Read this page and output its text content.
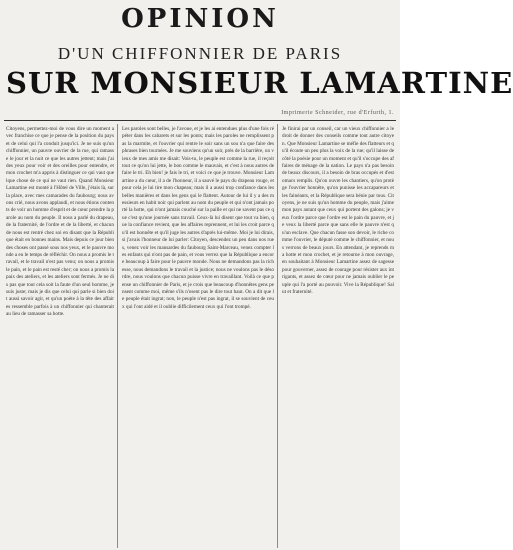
OPINION
D'UN CHIFFONNIER DE PARIS
SUR MONSIEUR LAMARTINE
Imprimerie Schneider, rue d'Erfurth, 1.
Citoyens, permettez-moi de vous dire un moment avec franchise ce que je pense de la position du pays et de celui qui l'a conduit jusqu'ici. Je ne suis qu'un chiffonnier, un pauvre ouvrier de la rue, qui ramasse le jour et la nuit ce que les autres jettent; mais j'ai des yeux pour voir et des oreilles pour entendre, et mon crochet m'a appris à distinguer ce qui vaut quelque chose de ce qui ne vaut rien. Quand Monsieur Lamartine est monté à l'Hôtel de Ville, j'étais là, sur la place, avec mes camarades du faubourg; nous avons crié, nous avons applaudi, et nous étions contents de voir un homme d'esprit et de cœur prendre la parole au nom du peuple. Il nous a parlé du drapeau, de la fraternité, de l'ordre et de la liberté, et chacun de nous est rentré chez soi en disant que la République était en bonnes mains. Mais depuis ce jour bien des choses ont passé sous nos yeux, et le pauvre monde a eu le temps de réfléchir. On nous a promis le travail, et le travail n'est pas venu; on nous a promis le pain, et le pain est resté cher; on nous a promis la paix des ateliers, et les ateliers sont fermés. Je ne dis pas que tout cela soit la faute d'un seul homme, je suis juste; mais je dis que celui qui parle si bien doit aussi savoir agir, et qu'un poète à la tête des affaires ressemble parfois à un chiffonnier qui chanterait au lieu de ramasser sa hotte.
Les paroles sont belles, je l'avoue, et je les ai entendues plus d'une fois répéter dans les cabarets et sur les ponts; mais les paroles ne remplissent pas la marmite, et l'ouvrier qui rentre le soir sans un sou n'a que faire des phrases bien tournées. Je me souviens qu'un soir, près de la barrière, un vieux de mes amis me disait: Vois-tu, le peuple est comme la rue, il reçoit tout ce qu'on lui jette, le bon comme le mauvais, et c'est à nous autres de faire le tri. Eh bien! je fais le tri, et voici ce que je trouve. Monsieur Lamartine a du cœur, il a de l'honneur, il a sauvé le pays du drapeau rouge, et pour cela je lui tire mon chapeau; mais il a aussi trop confiance dans les belles manières et dans les gens qui le flattent. Autour de lui il y a des messieurs en habit noir qui parlent au nom du peuple et qui n'ont jamais porté la hotte, qui n'ont jamais couché sur la paille et qui ne savent pas ce que c'est qu'une journée sans travail. Ceux-là lui disent que tout va bien, que la confiance revient, que les affaires reprennent, et lui les croit parce qu'il est honnête et qu'il juge les autres d'après lui-même. Moi je lui dirais, si j'avais l'honneur de lui parler: Citoyen, descendez un peu dans nos rues, venez voir les mansardes du faubourg Saint-Marceau, venez compter les enfants qui n'ont pas de pain, et vous verrez que la République a encore beaucoup à faire pour le pauvre monde. Nous ne demandons pas la richesse, nous demandons le travail et la justice; nous ne voulons pas le désordre, nous voulons que chacun puisse vivre en travaillant. Voilà ce que pense un chiffonnier de Paris, et je crois que beaucoup d'honnêtes gens pensent comme moi, même s'ils n'osent pas le dire tout haut. On a dit que le peuple était ingrat; non, le peuple n'est pas ingrat, il se souvient de ceux qui l'ont aidé et il oublie difficilement ceux qui l'ont trompé.
Je finirai par un conseil, car un vieux chiffonnier a le droit de donner des conseils comme tout autre citoyen. Que Monsieur Lamartine se méfie des flatteurs et qu'il écoute un peu plus la voix de la rue; qu'il laisse de côté la poésie pour un moment et qu'il s'occupe des affaires de ménage de la nation. Le pays n'a pas besoin de beaux discours, il a besoin de bras occupés et d'estomacs remplis. Qu'on ouvre les chantiers, qu'on protège l'ouvrier honnête, qu'on punisse les accapareurs et les fainéants, et la République sera bénie par tous. Citoyens, je ne suis qu'un homme du peuple, mais j'aime mon pays autant que ceux qui portent des galons; je veux l'ordre parce que l'ordre est le pain du pauvre, et je veux la liberté parce que sans elle le pauvre n'est qu'un esclave. Que chacun fasse son devoir, le riche comme l'ouvrier, le député comme le chiffonnier, et nous verrons de beaux jours. En attendant, je reprends ma hotte et mon crochet, et je retourne à mon ouvrage, en souhaitant à Monsieur Lamartine assez de sagesse pour gouverner, assez de courage pour résister aux intrigants, et assez de cœur pour ne jamais oublier le peuple qui l'a porté au pouvoir. Vive la République! Salut et fraternité.
